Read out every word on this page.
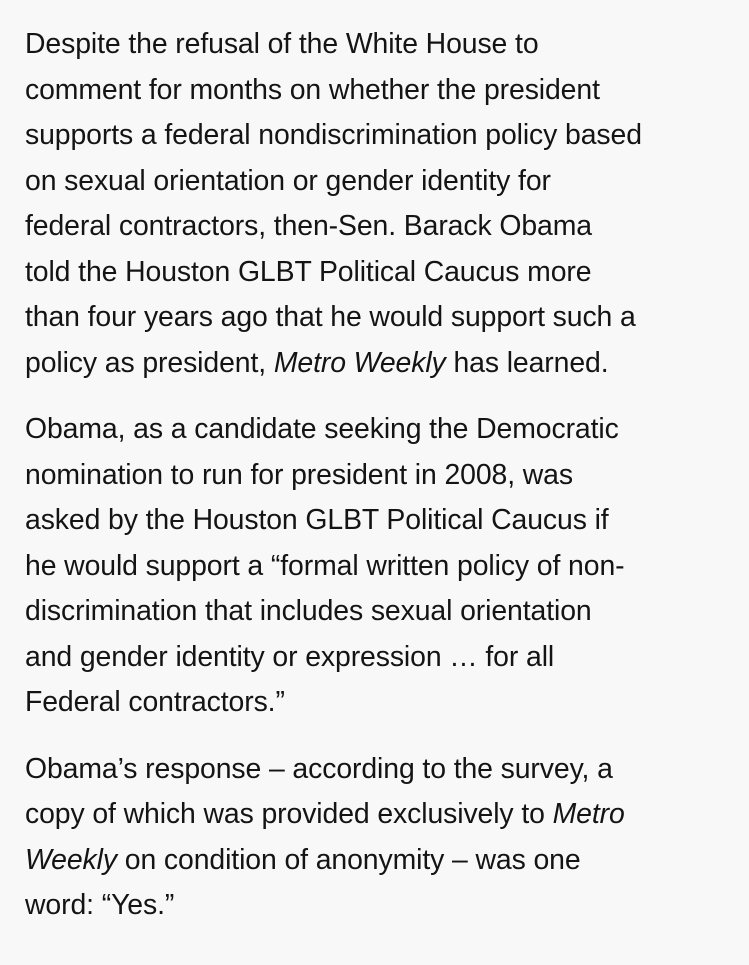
Despite the refusal of the White House to
comment for months on whether the president
supports a federal nondiscrimination policy based
on sexual orientation or gender identity for
federal contractors, then-Sen. Barack Obama
told the Houston GLBT Political Caucus more
than four years ago that he would support such a
policy as president, Metro Weekly has learned.

Obama, as a candidate seeking the Democratic
nomination to run for president in 2008, was
asked by the Houston GLBT Political Caucus if
he would support a “formal written policy of non-
discrimination that includes sexual orientation
and gender identity or expression … for all
Federal contractors.”

Obama’s response – according to the survey, a
copy of which was provided exclusively to Metro
Weekly on condition of anonymity – was one
word: “Yes.”
